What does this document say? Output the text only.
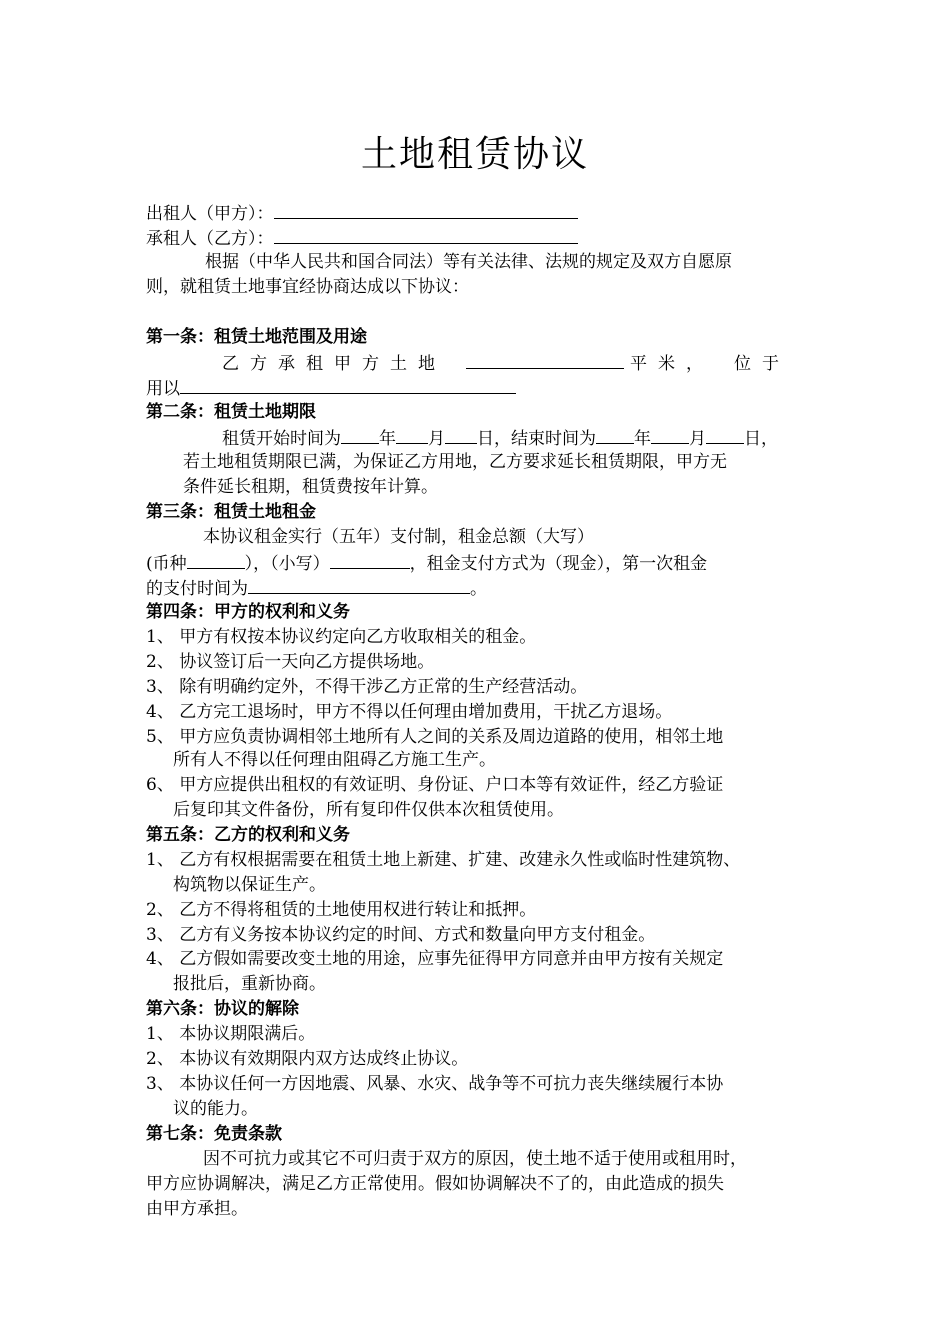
土地租赁协议
出租人（甲方）：
承租人（乙方）：
根据（中华人民共和国合同法）等有关法律、法规的规定及双方自愿原
则，就租赁土地事宜经协商达成以下协议：
第一条：租赁土地范围及用途
乙方承租甲方土地	平米， 位于
用以
第二条：租赁土地期限
租赁开始时间为 年 月 日，结束时间为 年 月 日，
若土地租赁期限已满，为保证乙方用地，乙方要求延长租赁期限，甲方无
条件延长租期，租赁费按年计算。
第三条：租赁土地租金
本协议租金实行（五年）支付制，租金总额（大写）
(币种	），（小写）	，租金支付方式为（现金），第一次租金
的支付时间为	。
第四条：甲方的权利和义务
1、 甲方有权按本协议约定向乙方收取相关的租金。
2、 协议签订后一天向乙方提供场地。
3、 除有明确约定外，不得干涉乙方正常的生产经营活动。
4、 乙方完工退场时，甲方不得以任何理由增加费用，干扰乙方退场。
5、 甲方应负责协调相邻土地所有人之间的关系及周边道路的使用，相邻土地
所有人不得以任何理由阻碍乙方施工生产。
6、 甲方应提供出租权的有效证明、身份证、户口本等有效证件，经乙方验证
后复印其文件备份，所有复印件仅供本次租赁使用。
第五条：乙方的权利和义务
1、 乙方有权根据需要在租赁土地上新建、扩建、改建永久性或临时性建筑物、
构筑物以保证生产。
2、 乙方不得将租赁的土地使用权进行转让和抵押。
3、 乙方有义务按本协议约定的时间、方式和数量向甲方支付租金。
4、 乙方假如需要改变土地的用途，应事先征得甲方同意并由甲方按有关规定
报批后，重新协商。
第六条：协议的解除
1、 本协议期限满后。
2、 本协议有效期限内双方达成终止协议。
3、 本协议任何一方因地震、风暴、水灾、战争等不可抗力丧失继续履行本协
议的能力。
第七条：免责条款
因不可抗力或其它不可归责于双方的原因，使土地不适于使用或租用时，
甲方应协调解决，满足乙方正常使用。假如协调解决不了的，由此造成的损失
由甲方承担。
